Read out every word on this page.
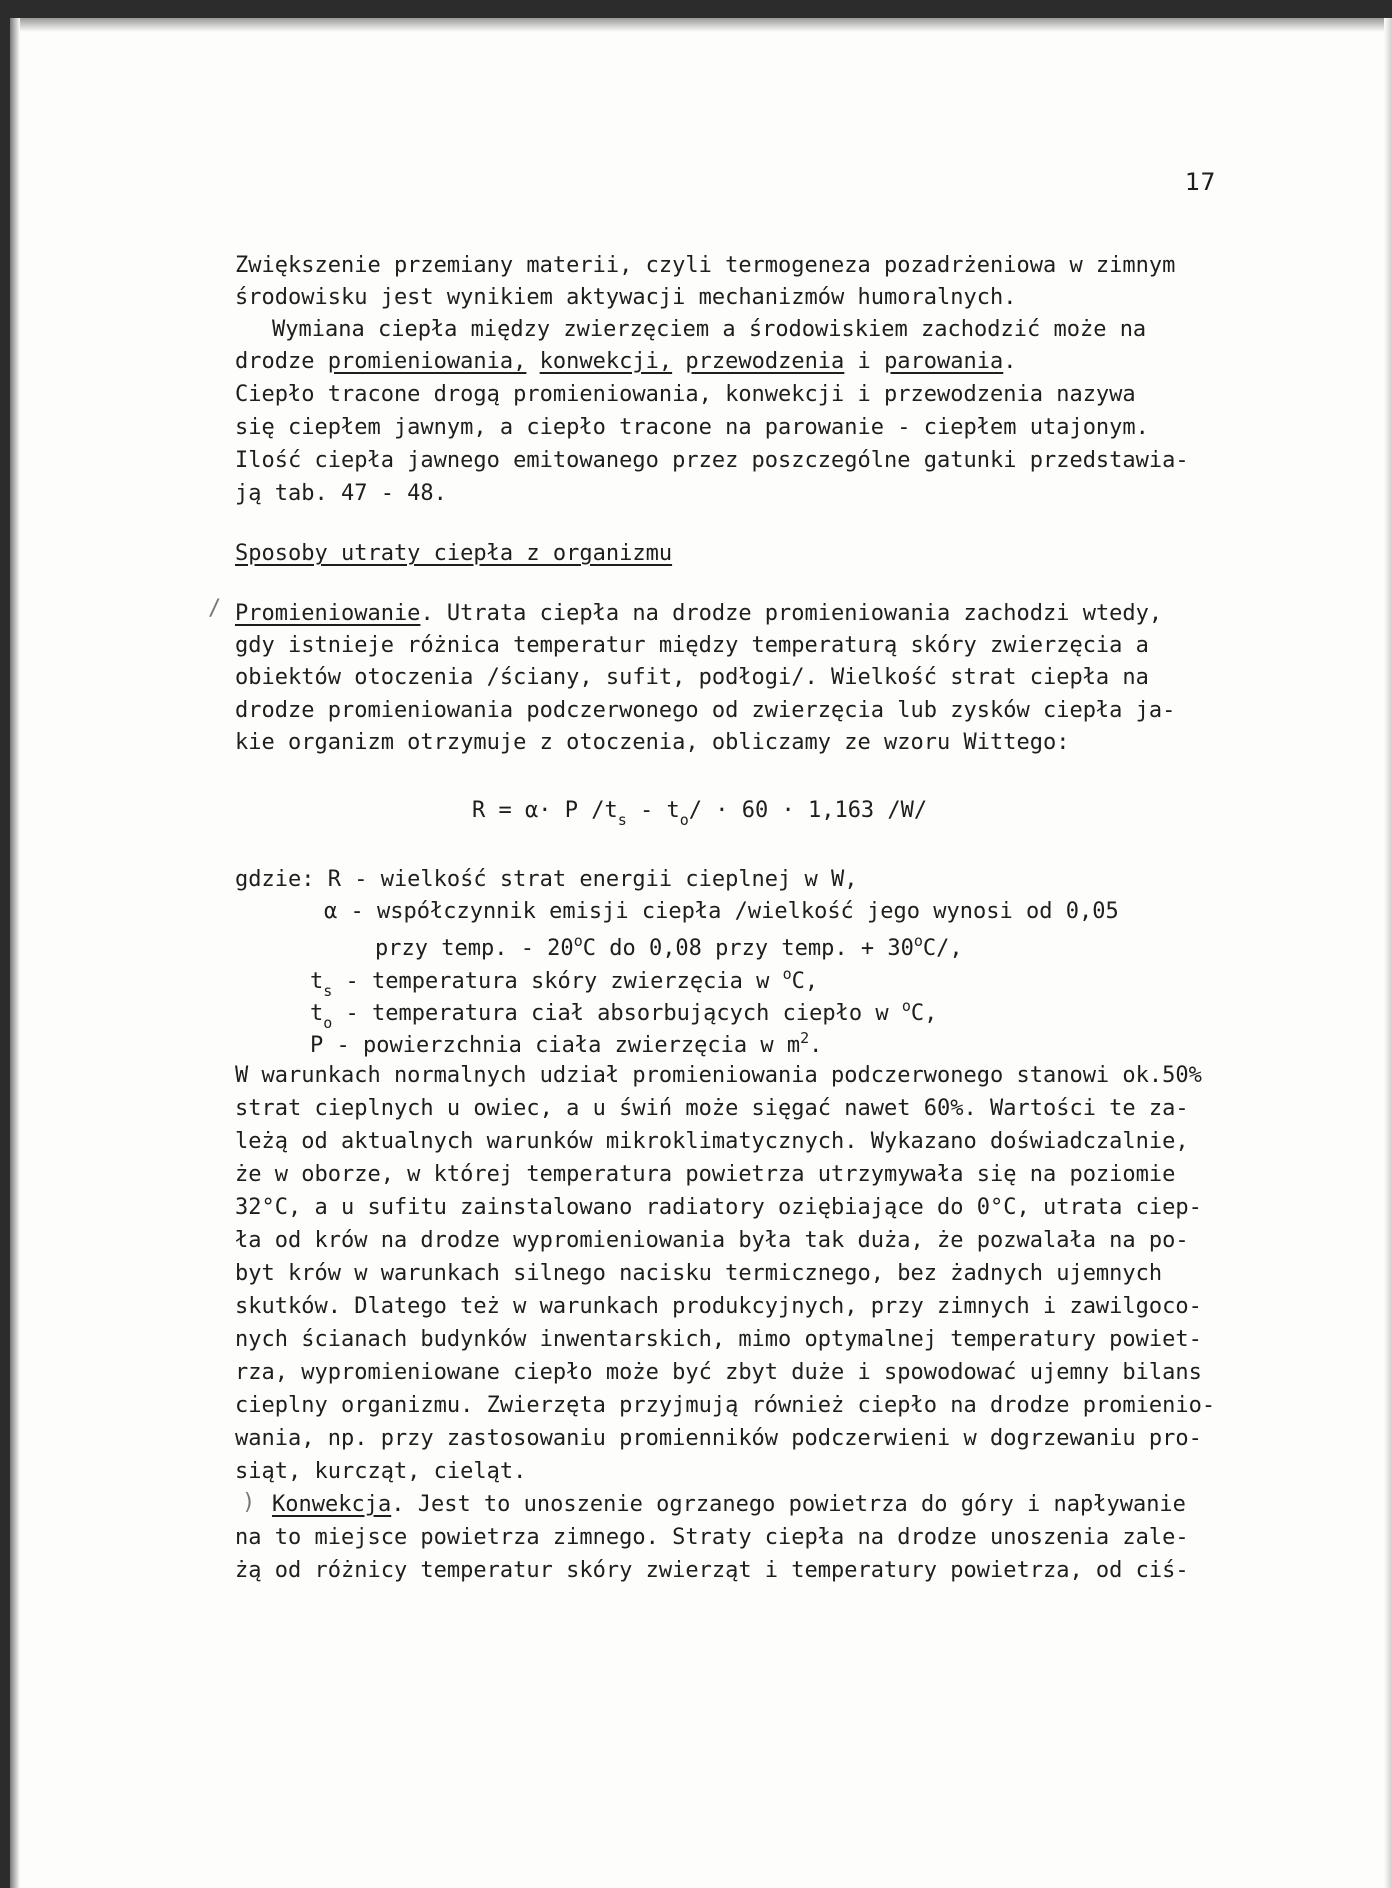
17
Zwiększenie przemiany materii, czyli termogeneza pozadrżeniowa w zimnym
środowisku jest wynikiem aktywacji mechanizmów humoralnych.
Wymiana ciepła między zwierzęciem a środowiskiem zachodzić może na
drodze promieniowania, konwekcji, przewodzenia i parowania.
Ciepło tracone drogą promieniowania, konwekcji i przewodzenia nazywa
się ciepłem jawnym, a ciepło tracone na parowanie - ciepłem utajonym.
Ilość ciepła jawnego emitowanego przez poszczególne gatunki przedstawia-
ją tab. 47 - 48.
Sposoby utraty ciepła z organizmu
/ Promieniowanie. Utrata ciepła na drodze promieniowania zachodzi wtedy,
gdy istnieje różnica temperatur między temperaturą skóry zwierzęcia a
obiektów otoczenia /ściany, sufit, podłogi/. Wielkość strat ciepła na
drodze promieniowania podczerwonego od zwierzęcia lub zysków ciepła ja-
kie organizm otrzymuje z otoczenia, obliczamy ze wzoru Wittego:
R = α· P $/t_s - t_o/ \cdot 60 \cdot 1,163$ /W/
gdzie: R - wielkość strat energii cieplnej w W,
α - współczynnik emisji ciepła /wielkość jego wynosi od 0,05
przy temp. - 20$^o$C do 0,08 przy temp. + $30^oC/$,
$t_s$ - temperatura skóry zwierzęcia w $^o$C,
$t_o$ - temperatura ciał absorbujących ciepło w $^o$C,
P - powierzchnia ciała zwierzęcia w $m^2$.
W warunkach normalnych udział promieniowania podczerwonego stanowi ok.50%
strat cieplnych u owiec, a u świń może sięgać nawet 60%. Wartości te za-
leżą od aktualnych warunków mikroklimatycznych. Wykazano doświadczalnie,
że w oborze, w której temperatura powietrza utrzymywała się na poziomie
32°C, a u sufitu zainstalowano radiatory oziębiające do 0°C, utrata ciep-
ła od krów na drodze wypromieniowania była tak duża, że pozwalała na po-
byt krów w warunkach silnego nacisku termicznego, bez żadnych ujemnych
skutków. Dlatego też w warunkach produkcyjnych, przy zimnych i zawilgoco-
nych ścianach budynków inwentarskich, mimo optymalnej temperatury powiet-
rza, wypromieniowane ciepło może być zbyt duże i spowodować ujemny bilans
cieplny organizmu. Zwierzęta przyjmują również ciepło na drodze promienio-
wania, np. przy zastosowaniu promienników podczerwieni w dogrzewaniu pro-
siąt, kurcząt, cieląt.
) Konwekcja. Jest to unoszenie ogrzanego powietrza do góry i napływanie
na to miejsce powietrza zimnego. Straty ciepła na drodze unoszenia zale-
żą od różnicy temperatur skóry zwierząt i temperatury powietrza, od ciś-
